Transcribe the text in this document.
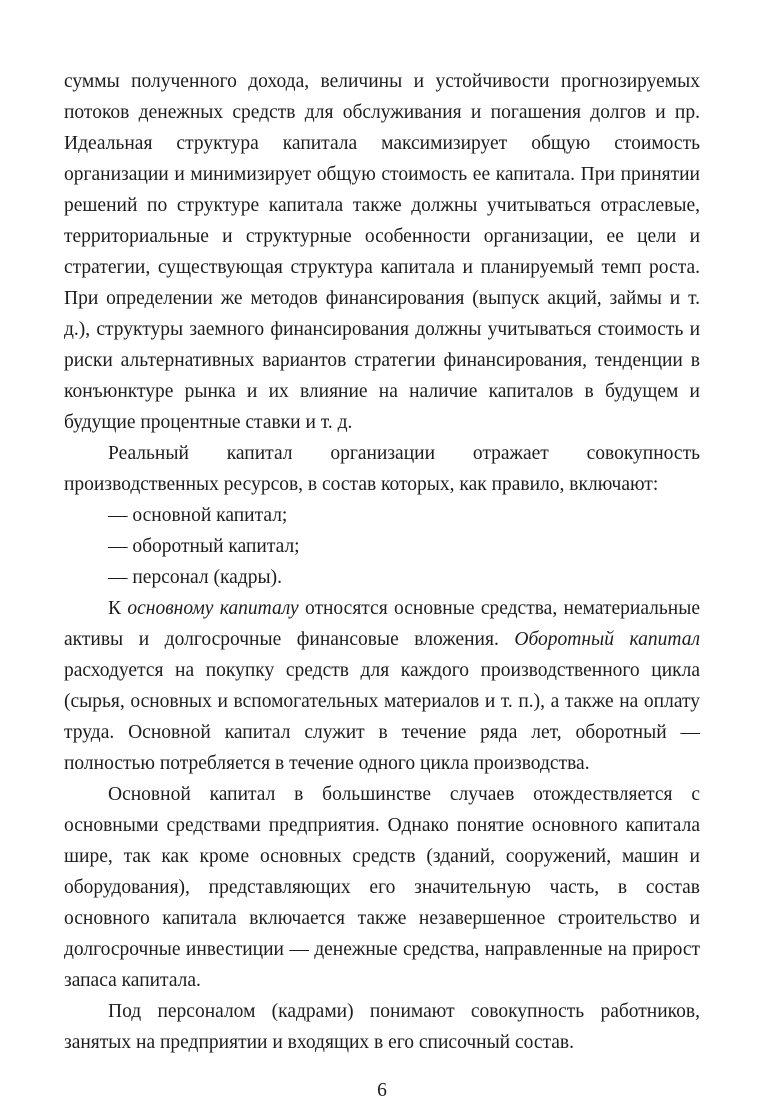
суммы полученного дохода, величины и устойчивости прогнозируемых потоков денежных средств для обслуживания и погашения долгов и пр. Идеальная структура капитала максимизирует общую стоимость организации и минимизирует общую стоимость ее капитала. При принятии решений по структуре капитала также должны учитываться отраслевые, территориальные и структурные особенности организации, ее цели и стратегии, существующая структура капитала и планируемый темп роста. При определении же методов финансирования (выпуск акций, займы и т. д.), структуры заемного финансирования должны учитываться стоимость и риски альтернативных вариантов стратегии финансирования, тенденции в конъюнктуре рынка и их влияние на наличие капиталов в будущем и будущие процентные ставки и т. д.

Реальный капитал организации отражает совокупность производственных ресурсов, в состав которых, как правило, включают:

— основной капитал;

— оборотный капитал;

— персонал (кадры).

К основному капиталу относятся основные средства, нематериальные активы и долгосрочные финансовые вложения. Оборотный капитал расходуется на покупку средств для каждого производственного цикла (сырья, основных и вспомогательных материалов и т. п.), а также на оплату труда. Основной капитал служит в течение ряда лет, оборотный — полностью потребляется в течение одного цикла производства.

Основной капитал в большинстве случаев отождествляется с основными средствами предприятия. Однако понятие основного капитала шире, так как кроме основных средств (зданий, сооружений, машин и оборудования), представляющих его значительную часть, в состав основного капитала включается также незавершенное строительство и долгосрочные инвестиции — денежные средства, направленные на прирост запаса капитала.

Под персоналом (кадрами) понимают совокупность работников, занятых на предприятии и входящих в его списочный состав.

6
